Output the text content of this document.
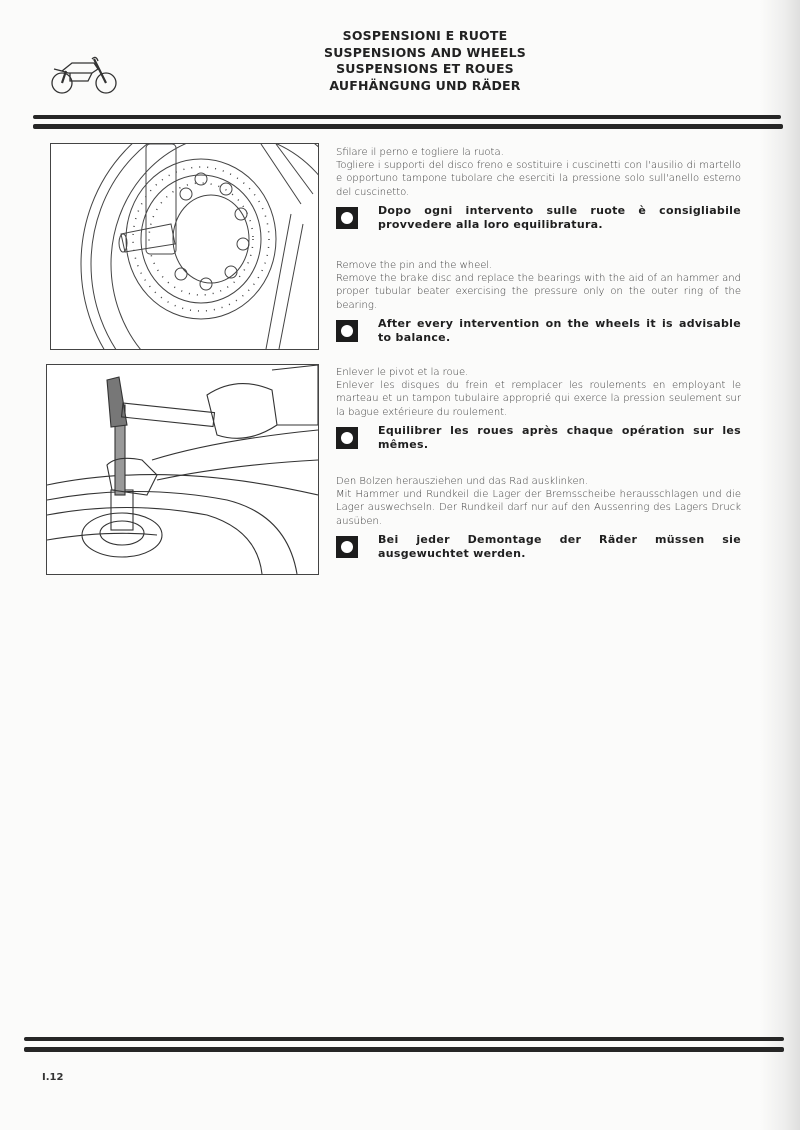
SOSPENSIONI E RUOTE
SUSPENSIONS AND WHEELS
SUSPENSIONS ET ROUES
AUFHÄNGUNG UND RÄDER

Sfilare il perno e togliere la ruota.

Togliere i supporti del disco freno e sostituire i cuscinetti con l'ausilio di martello e opportuno tampone tubolare che eserciti la pressione solo sull'anello esterno del cuscinetto.

Dopo ogni intervento sulle ruote è consigliabile provvedere alla loro equilibratura.

Remove the pin and the wheel.

Remove the brake disc and replace the bearings with the aid of an hammer and proper tubular beater exercising the pressure only on the outer ring of the bearing.

After every intervention on the wheels it is advisable to balance.

Enlever le pivot et la roue.

Enlever les disques du frein et remplacer les roulements en employant le marteau et un tampon tubulaire approprié qui exerce la pression seulement sur la bague extérieure du roulement.

Equilibrer les roues après chaque opération sur les mêmes.

Den Bolzen herausziehen und das Rad ausklinken.

Mit Hammer und Rundkeil die Lager der Bremsscheibe herausschlagen und die Lager auswechseln. Der Rundkeil darf nur auf den Aussenring des Lagers Druck ausüben.

Bei jeder Demontage der Räder müssen sie ausgewuchtet werden.
I.12
